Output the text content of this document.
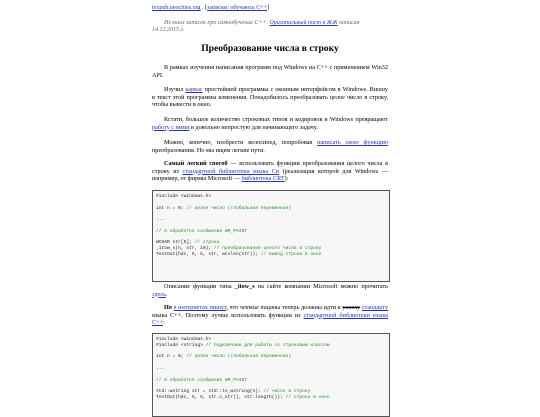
texpub.neocities.org . [записки: обучаюсь C++]
Из моих записок про самообучение С++. Оригинальный пост в ЖЖ написан 14.12.2015 г.
Преобразование числа в строку

В рамках изучения написания программ под Windows на С++ с применением Win32 API.

Изучил каркас простейшей программы с оконным интерфейсом в Windows. Вношу в текст этой программы изменения. Понадобилось преобразовать целое число в строку, чтобы вывести в окно.

Кстати, большое количество строковых типов и кодировок в Windows превращают работу с ними в довольно непростую для начинающего задачу.

Можно, конечно, изобрести велосипед, попробовав написать свою функцию преобразования. Но мы ищем легкие пути.

Самый легкий способ — использовать функции преобразования целого числа в строку из стандартной библиотеки языка Си (реализация которой для Windows — например, от фирмы Microsoft — библиотека CRT):

#include <windows.h>

int n = 0; // целое число (глобальная переменная)

...

// в обработке сообщения WM_PAINT

WCHAR str[5]; // строка
_itow_s(n, str, 10); // преобразование целого числа в строку
TextOut(hdc, 5, 5, str, wcslen(str)); // вывод строки в окно

Описание функции типа _itow_s на сайте компании Microsoft можно прочитать здесь.

Но в интернетах пишут, что четкие пацаны теперь должны идти к успеху стандарту языка С++. Поэтому лучше использовать функции из стандартной библиотеки языка С++:

#include <windows.h>
#include <string> // подключаем для работы со строковым классом

int n = 0; // целое число (глобальная переменная)

...

// в обработке сообщения WM_PAINT

std::wstring str = std::to_wstring(n); // число в строку
TextOut(hdc, 5, 5, str.c_str(), str.length()); // строка в окно
